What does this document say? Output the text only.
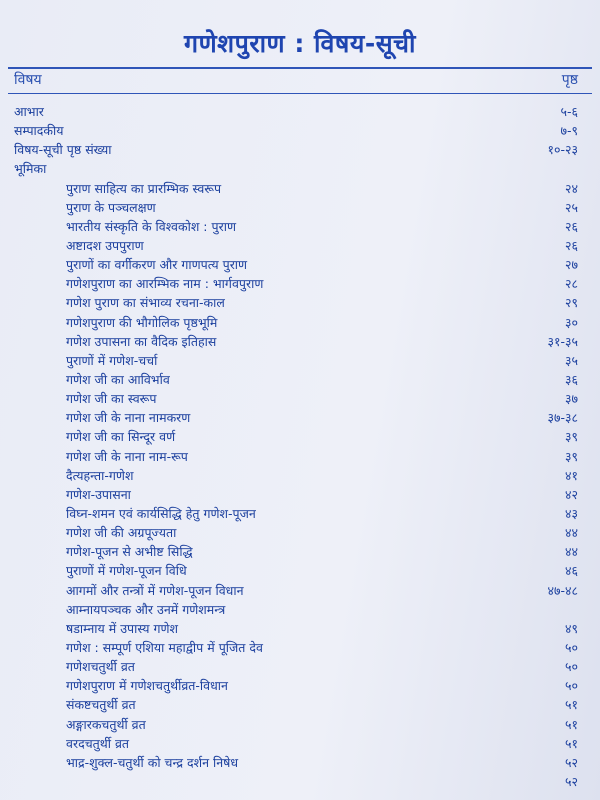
गणेशपुराण : विषय-सूची
विषय	पृष्ठ
आभार	५-६
सम्पादकीय	७-९
विषय-सूची पृष्ठ संख्या	१०-२३
भूमिका
पुराण साहित्य का प्रारम्भिक स्वरूप	२४
पुराण के पञ्चलक्षण	२५
भारतीय संस्कृति के विश्वकोश : पुराण	२६
अष्टादश उपपुराण	२६
पुराणों का वर्गीकरण और गाणपत्य पुराण	२७
गणेशपुराण का आरम्भिक नाम : भार्गवपुराण	२८
गणेश पुराण का संभाव्य रचना-काल	२९
गणेशपुराण की भौगोलिक पृष्ठभूमि	३०
गणेश उपासना का वैदिक इतिहास	३१-३५
पुराणों में गणेश-चर्चा	३५
गणेश जी का आविर्भाव	३६
गणेश जी का स्वरूप	३७
गणेश जी के नाना नामकरण	३७-३८
गणेश जी का सिन्दूर वर्ण	३९
गणेश जी के नाना नाम-रूप	३९
दैत्यहन्ता-गणेश	४१
गणेश-उपासना	४२
विघ्न-शमन एवं कार्यसिद्धि हेतु गणेश-पूजन	४३
गणेश जी की अग्रपूज्यता	४४
गणेश-पूजन से अभीष्ट सिद्धि	४४
पुराणों में गणेश-पूजन विधि	४६
आगमों और तन्त्रों में गणेश-पूजन विधान	४७-४८
आम्नायपञ्चक और उनमें गणेशमन्त्र
षडाम्नाय में उपास्य गणेश	४९
गणेश : सम्पूर्ण एशिया महाद्वीप में पूजित देव	५०
गणेशचतुर्थी व्रत	५०
गणेशपुराण में गणेशचतुर्थीव्रत-विधान	५०
संकष्टचतुर्थी व्रत	५१
अङ्गारकचतुर्थी व्रत	५१
वरदचतुर्थी व्रत	५१
भाद्र-शुक्ल-चतुर्थी को चन्द्र दर्शन निषेध	५२
५२
